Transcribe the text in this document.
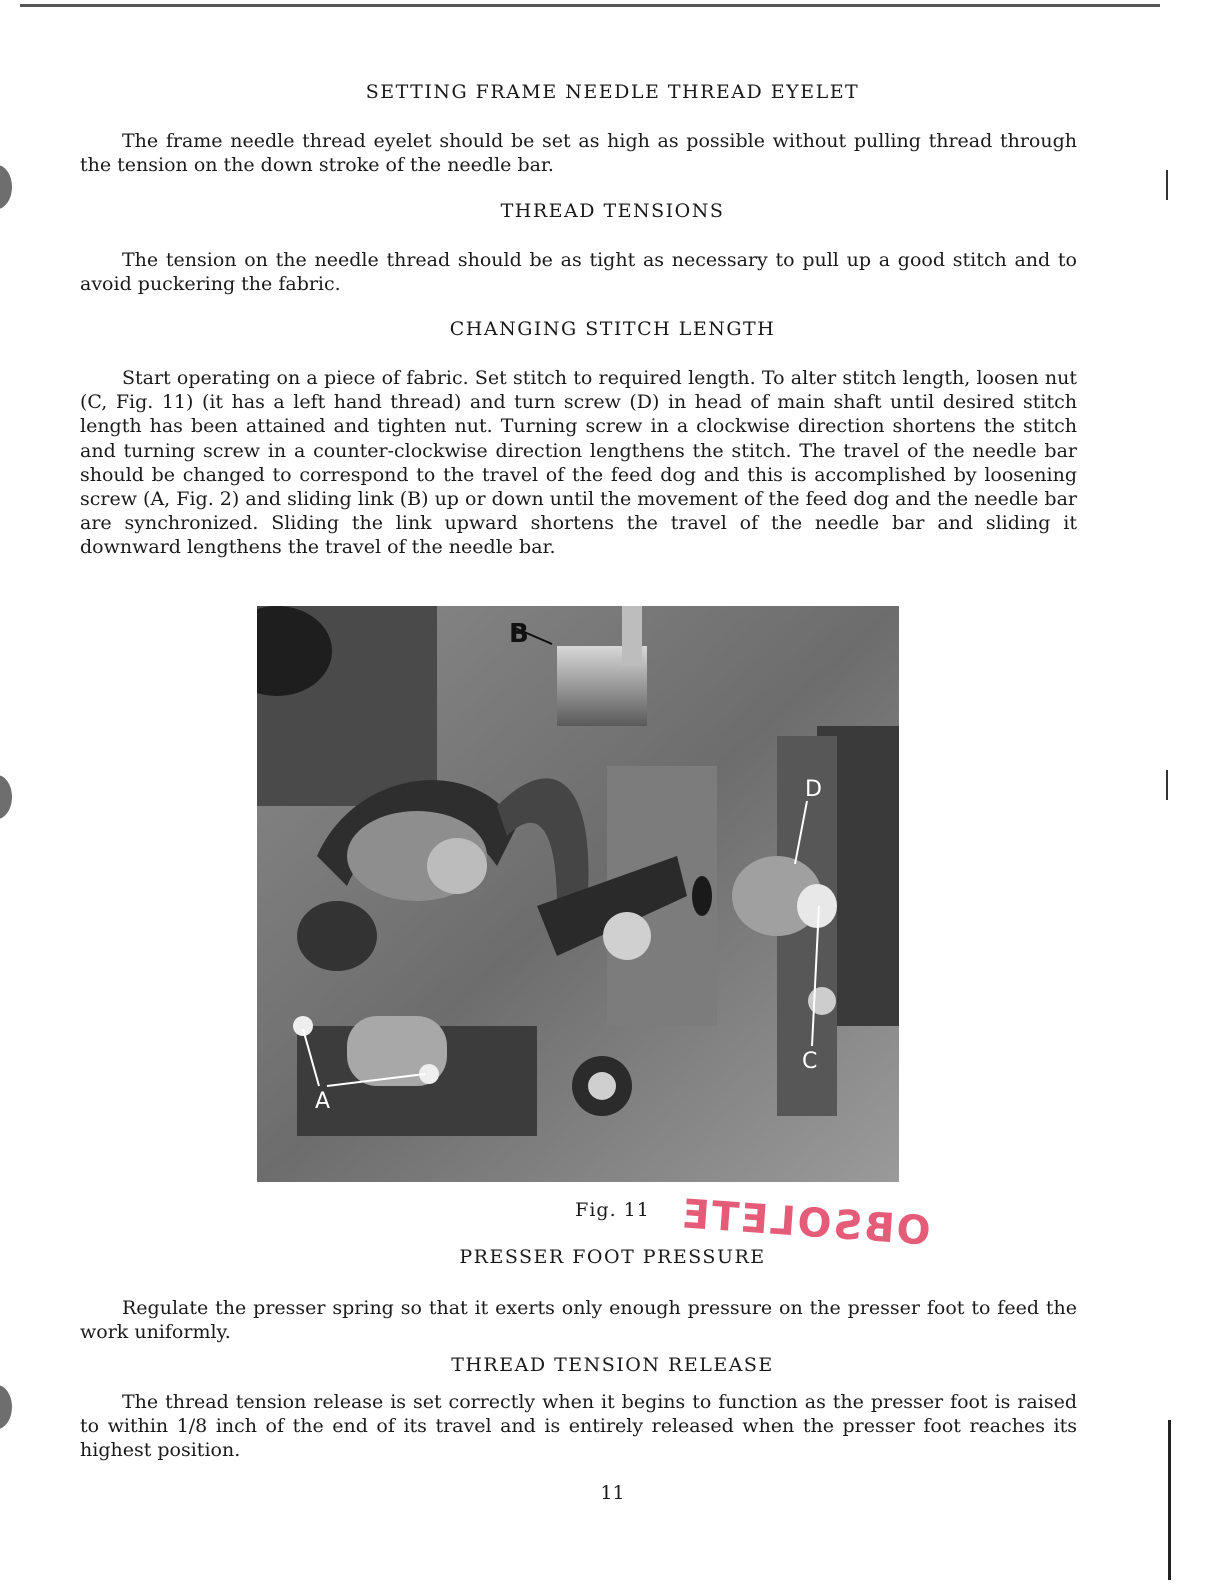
SETTING FRAME NEEDLE THREAD EYELET

The frame needle thread eyelet should be set as high as possible without pulling thread through the tension on the down stroke of the needle bar.

THREAD TENSIONS

The tension on the needle thread should be as tight as necessary to pull up a good stitch and to avoid puckering the fabric.

CHANGING STITCH LENGTH

Start operating on a piece of fabric. Set stitch to required length. To alter stitch length, loosen nut (C, Fig. 11) (it has a left hand thread) and turn screw (D) in head of main shaft until desired stitch length has been attained and tighten nut. Turning screw in a clockwise direction shortens the stitch and turning screw in a counter-clockwise direction lengthens the stitch. The travel of the needle bar should be changed to correspond to the travel of the feed dog and this is accomplished by loosening screw (A, Fig. 2) and sliding link (B) up or down until the movement of the feed dog and the needle bar are synchronized. Sliding the link upward shortens the travel of the needle bar and sliding it downward lengthens the travel of the needle bar.

B
D
C
A
Fig. 11 OBSOLETE
PRESSER FOOT PRESSURE

Regulate the presser spring so that it exerts only enough pressure on the presser foot to feed the work uniformly.

THREAD TENSION RELEASE

The thread tension release is set correctly when it begins to function as the presser foot is raised to within 1/8 inch of the end of its travel and is entirely released when the presser foot reaches its highest position.

11
